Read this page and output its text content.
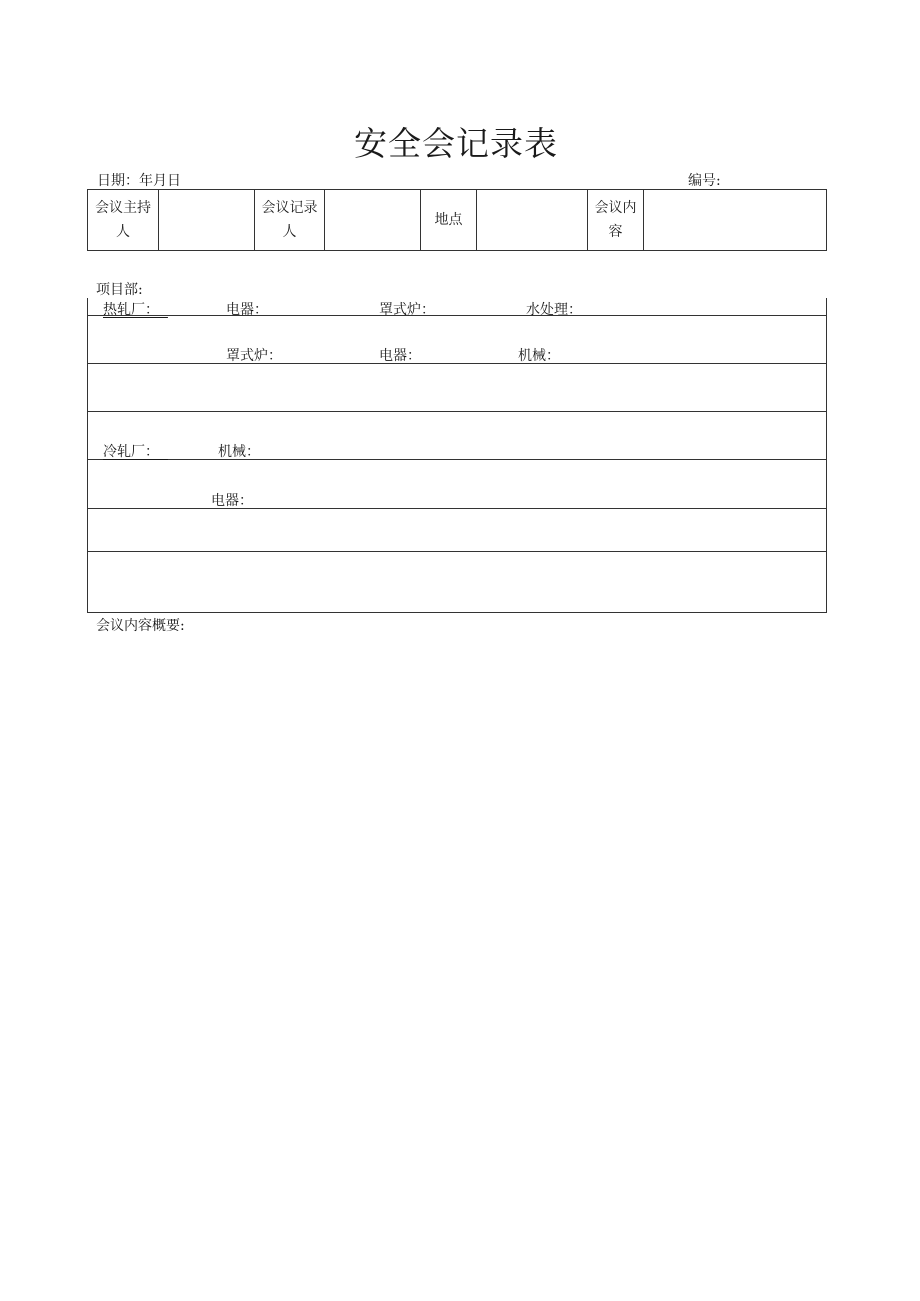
安全会记录表
日期：年月日	编号:
会议主持人		会议记录人		地点		会议内容	
项目部:
热轧厂：	电器：	罩式炉：	水处理：
罩式炉：	电器：	机械：
冷轧厂：	机械：
电器：
会议内容概要:
